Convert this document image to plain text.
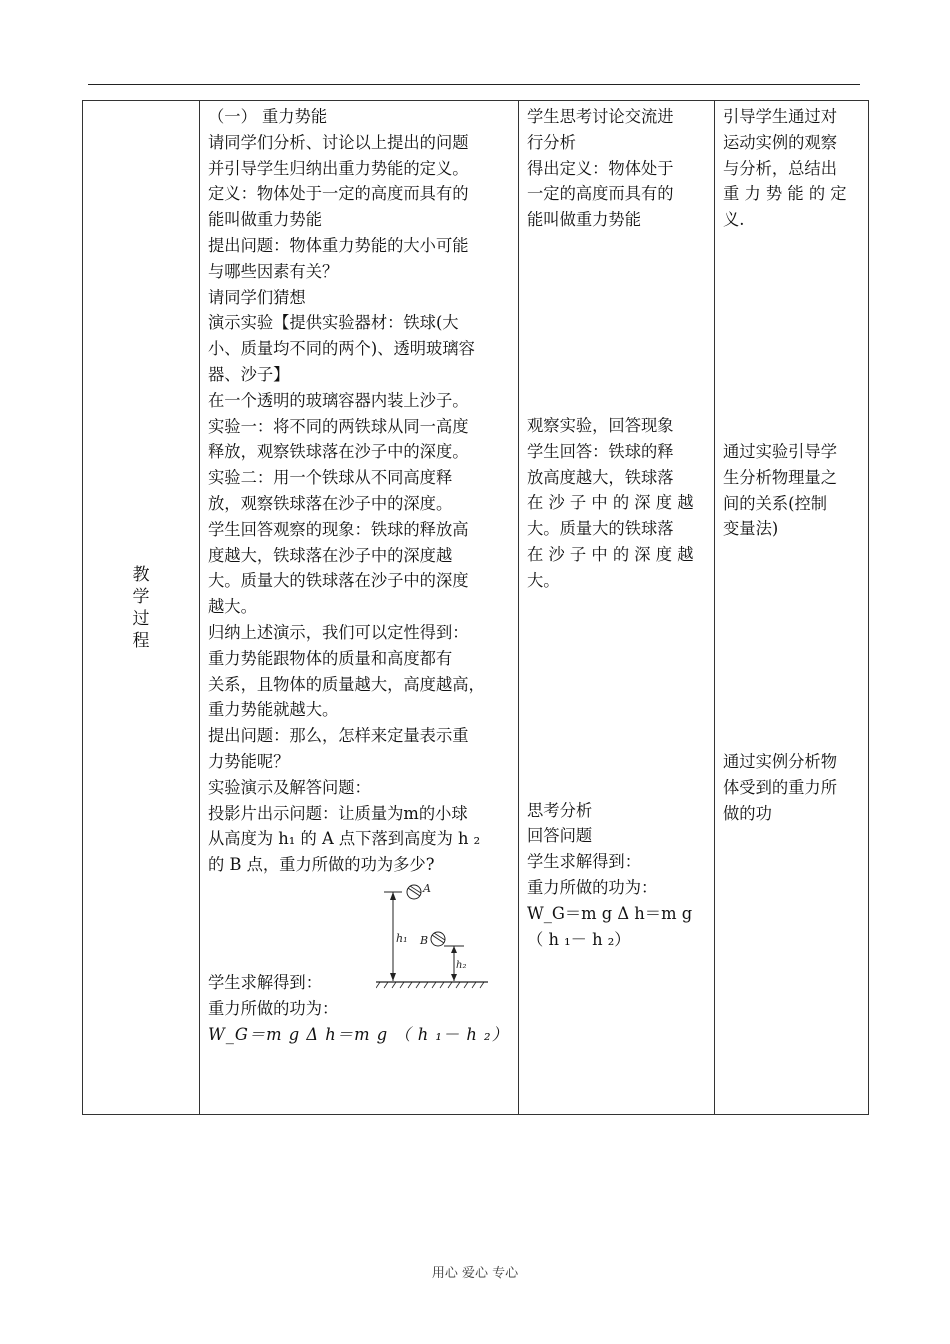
教学过程

（一） 重力势能
请同学们分析、讨论以上提出的问题
并引导学生归纳出重力势能的定义。
定义：物体处于一定的高度而具有的
能叫做重力势能
提出问题：物体重力势能的大小可能
与哪些因素有关？
请同学们猜想
演示实验【提供实验器材：铁球(大
小、质量均不同的两个)、透明玻璃容
器、沙子】
在一个透明的玻璃容器内装上沙子。
实验一：将不同的两铁球从同一高度
释放，观察铁球落在沙子中的深度。
实验二：用一个铁球从不同高度释
放，观察铁球落在沙子中的深度。
学生回答观察的现象：铁球的释放高
度越大，铁球落在沙子中的深度越
大。质量大的铁球落在沙子中的深度
越大。
归纳上述演示，我们可以定性得到：
重力势能跟物体的质量和高度都有
关系，且物体的质量越大，高度越高，
重力势能就越大。
提出问题：那么，怎样来定量表示重
力势能呢？
实验演示及解答问题：
投影片出示问题：让质量为m的小球
从高度为 h₁ 的 A 点下落到高度为 h ₂
的 B 点，重力所做的功为多少?
A
h₁ B
h₂
学生求解得到：
重力所做的功为：
W_G＝m g Δ h＝m g （ h ₁－ h ₂）

学生思考讨论交流进
行分析
得出定义：物体处于
一定的高度而具有的
能叫做重力势能
观察实验，回答现象
学生回答：铁球的释
放高度越大，铁球落
在 沙 子 中 的 深 度 越
大。质量大的铁球落
在 沙 子 中 的 深 度 越
大。
思考分析
回答问题
学生求解得到：
重力所做的功为：
W_G＝m g Δ h＝m g
（ h ₁－ h ₂）

引导学生通过对
运动实例的观察
与分析，总结出
重 力 势 能 的 定
义.
通过实验引导学
生分析物理量之
间的关系(控制
变量法)
通过实例分析物
体受到的重力所
做的功
用心 爱心 专心
